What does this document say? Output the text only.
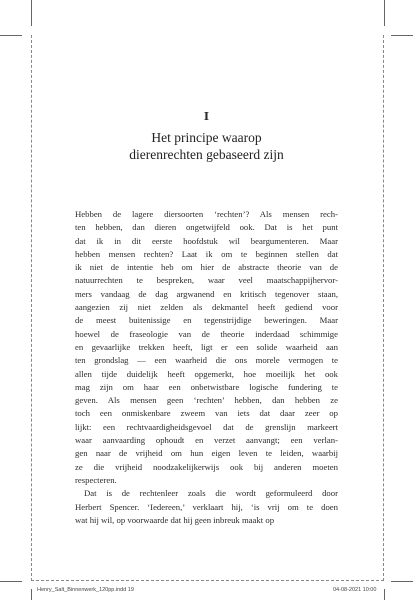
I
Het principe waarop
dierenrechten gebaseerd zijn
Hebben de lagere diersoorten ‘rechten’? Als mensen rech-
ten hebben, dan dieren ongetwijfeld ook. Dat is het punt
dat ik in dit eerste hoofdstuk wil beargumenteren. Maar
hebben mensen rechten? Laat ik om te beginnen stellen dat
ik niet de intentie heb om hier de abstracte theorie van de
natuurrechten te bespreken, waar veel maatschappijhervor-
mers vandaag de dag argwanend en kritisch tegenover staan,
aangezien zij niet zelden als dekmantel heeft gediend voor
de meest buitenissige en tegenstrijdige beweringen. Maar
hoewel de fraseologie van de theorie inderdaad schimmige
en gevaarlijke trekken heeft, ligt er een solide waarheid aan
ten grondslag — een waarheid die ons morele vermogen te
allen tijde duidelijk heeft opgemerkt, hoe moeilijk het ook
mag zijn om haar een onbetwistbare logische fundering te
geven. Als mensen geen ‘rechten’ hebben, dan hebben ze
toch een onmiskenbare zweem van iets dat daar zeer op
lijkt: een rechtvaardigheidsgevoel dat de grenslijn markeert
waar aanvaarding ophoudt en verzet aanvangt; een verlan-
gen naar de vrijheid om hun eigen leven te leiden, waarbij
ze die vrijheid noodzakelijkerwijs ook bij anderen moeten
respecteren.
Dat is de rechtenleer zoals die wordt geformuleerd door
Herbert Spencer. ‘Iedereen,’ verklaart hij, ‘is vrij om te doen
wat hij wil, op voorwaarde dat hij geen inbreuk maakt op
Henry_Salt_Binnenwerk_120pp.indd 19	04-08-2021 10:00
